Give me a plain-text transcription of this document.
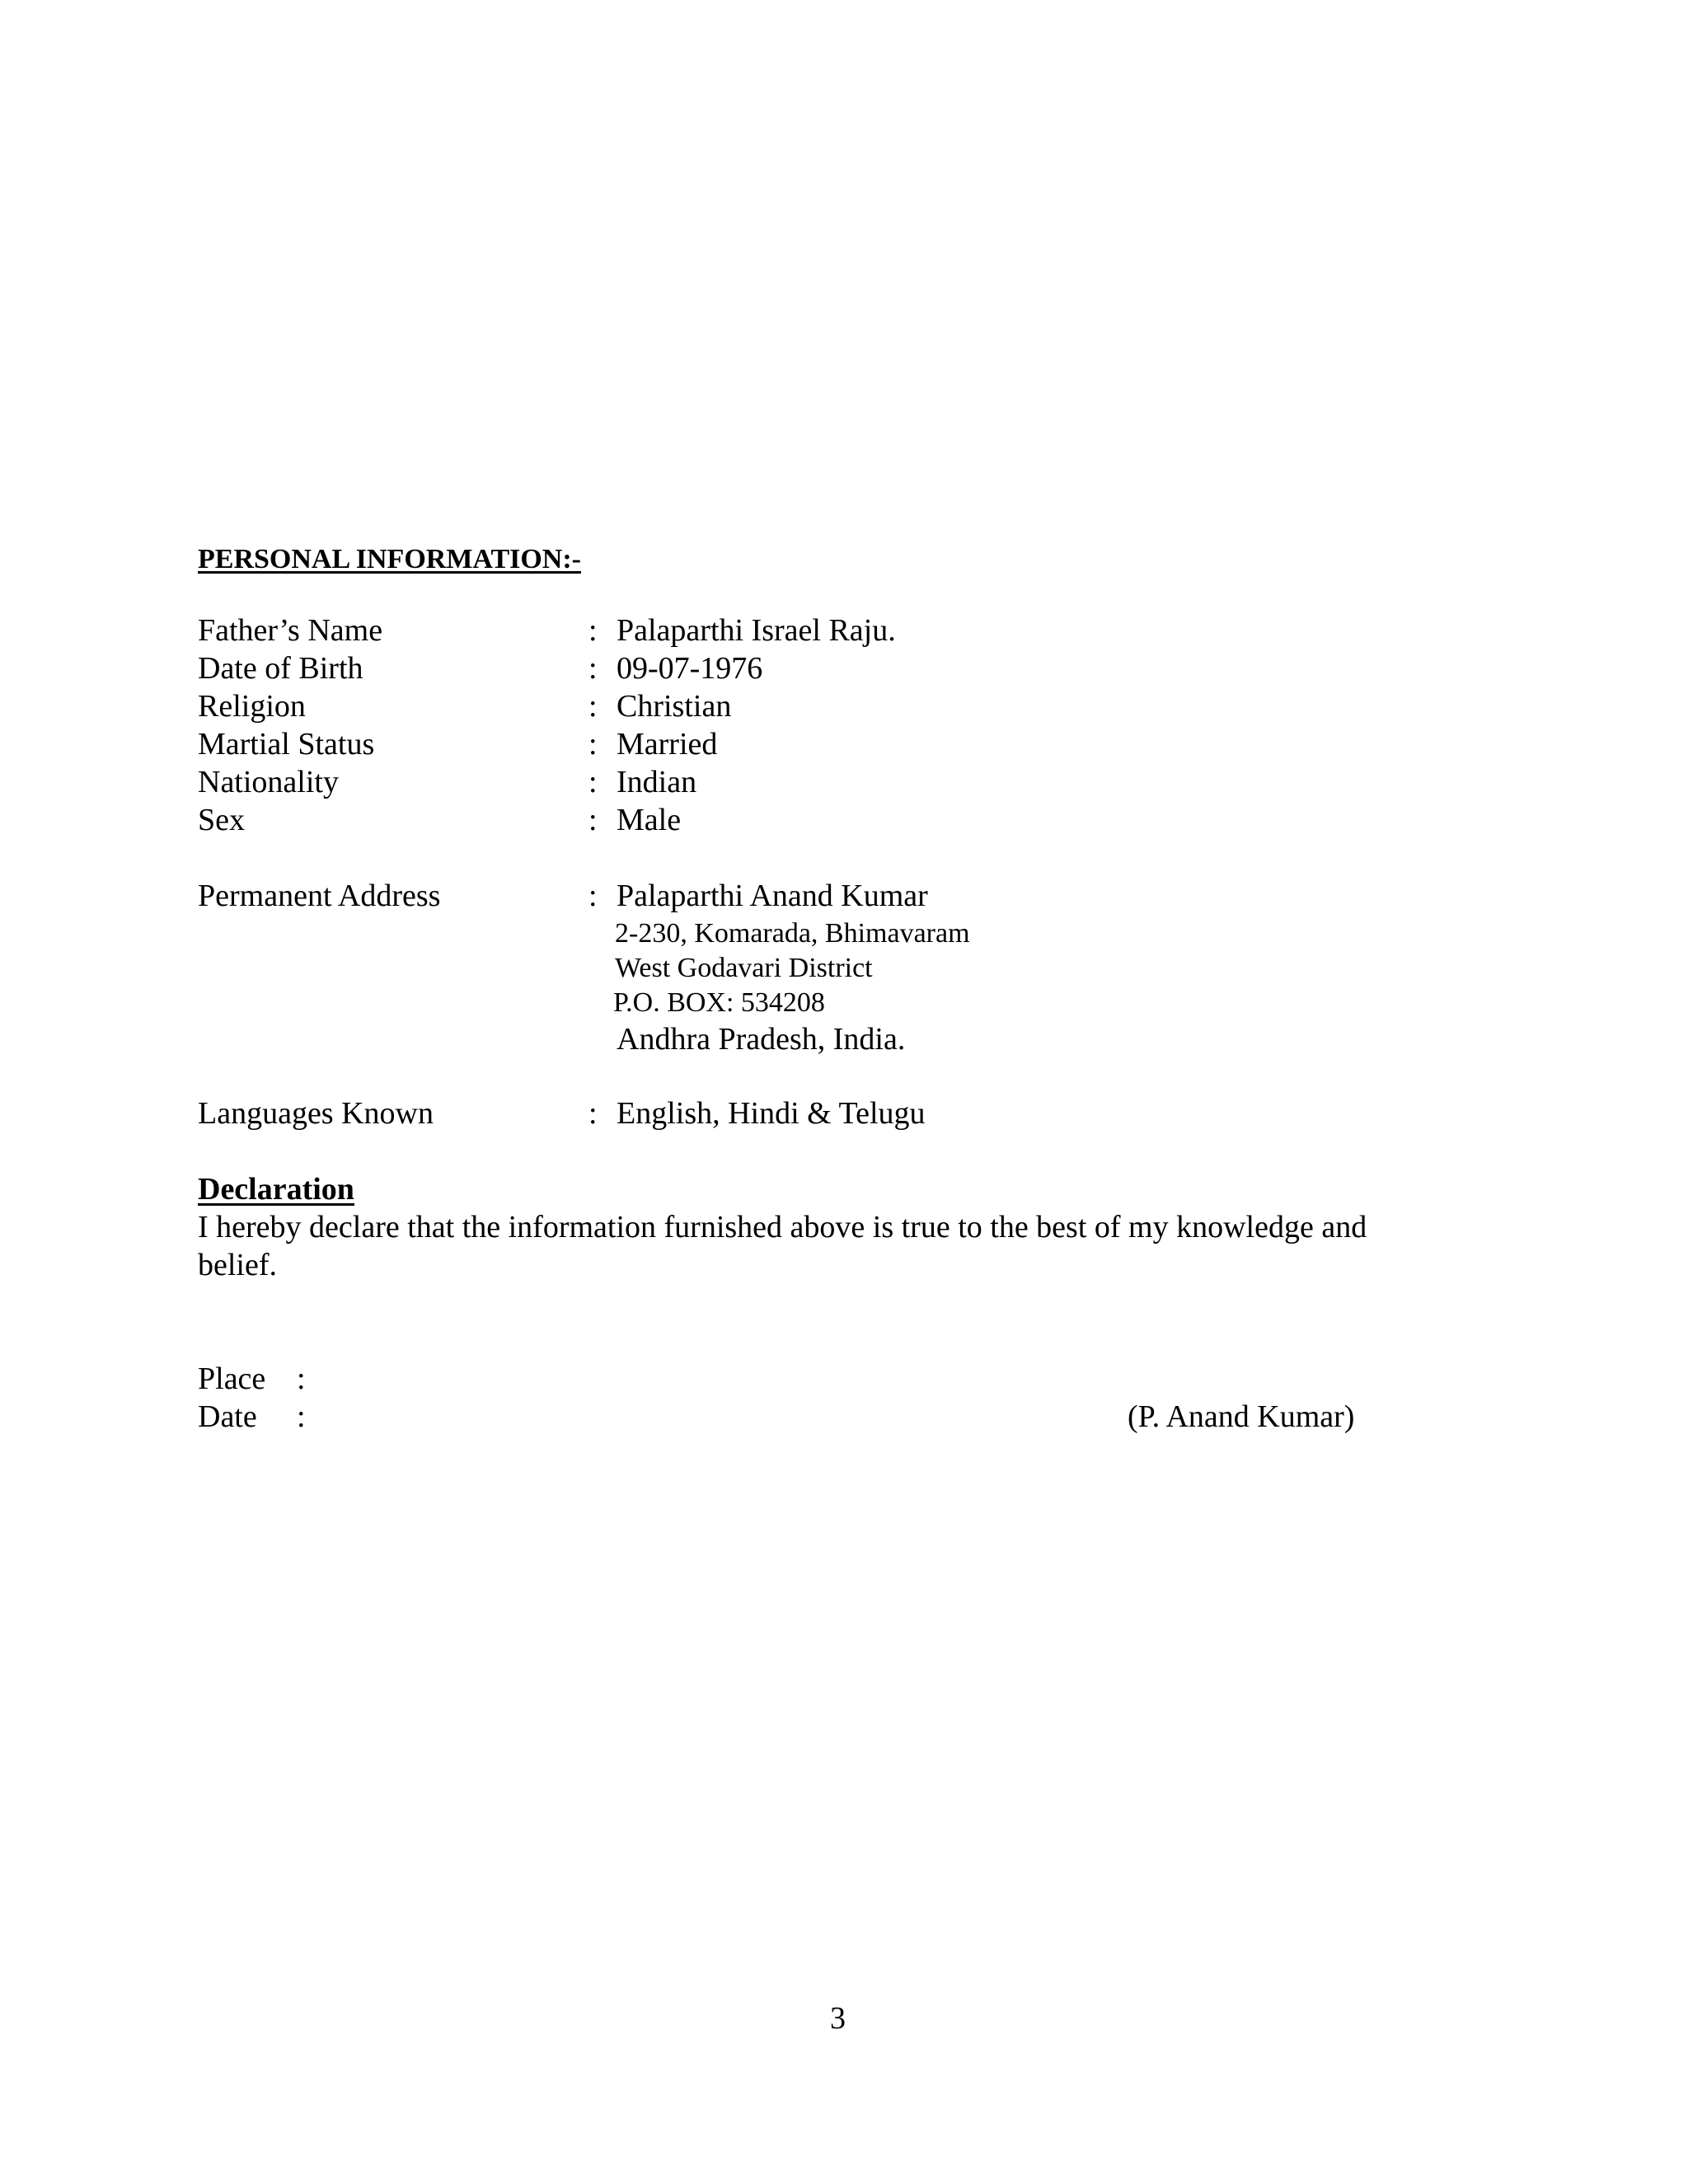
PERSONAL INFORMATION:-
Father’s Name	: Palaparthi Israel Raju.
Date of Birth	: 09-07-1976
Religion	: Christian
Martial Status	: Married
Nationality	: Indian
Sex	: Male
Permanent Address	: Palaparthi Anand Kumar
2-230, Komarada, Bhimavaram
West Godavari District
P.O. BOX: 534208
Andhra Pradesh, India.
Languages Known	: English, Hindi & Telugu
Declaration
I hereby declare that the information furnished above is true to the best of my knowledge and
belief.
Place :
Date :	(P. Anand Kumar)
3
